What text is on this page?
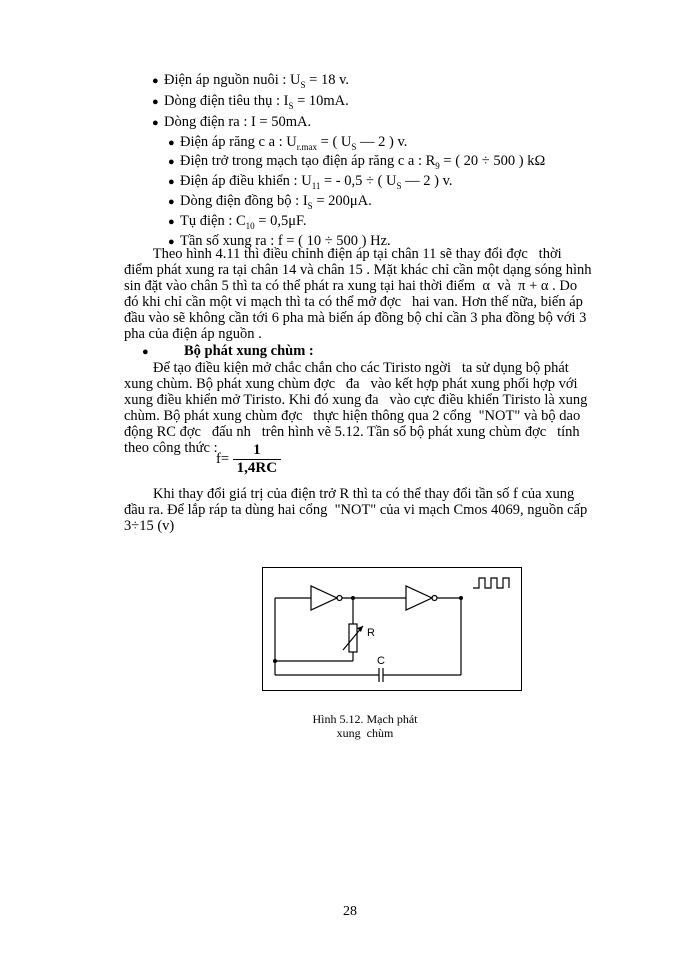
● Điện áp nguồn nuôi : $U_S = 18$ v.
● Dòng điện tiêu thụ : $I_S = 10mA$.
● Dòng điện ra : I = 50mA.
● Điện áp răng c a : $U_{r.max}$ = ( $U_S$ — 2 ) v.
● Điện trở trong mạch tạo điện áp răng c a : $R_9$ = ( 20 ÷ 500 ) kΩ
● Điện áp điều khiển : $U_{11}$ = - 0,5 ÷ ( $U_S$ — 2 ) v.
● Dòng điện đồng bộ : $I_S = 200\mu A$.
● Tụ điện : $C_{10} = 0,5\mu F$.
● Tần số xung ra : f = ( 10 ÷ 500 ) Hz.
Theo hình 4.11 thì điều chỉnh điện áp tại chân 11 sẽ thay đổi đợc   thời
điểm phát xung ra tại chân 14 và chân 15 . Mặt khác chỉ cần một dạng sóng hình
sin đặt vào chân 5 thì ta có thể phát ra xung tại hai thời điểm  α  và  π + α . Do
đó khi chỉ cần một vi mạch thì ta có thể mở đợc   hai van. Hơn thế nữa, biến áp
đầu vào sẽ không cần tới 6 pha mà biến áp đồng bộ chỉ cần 3 pha đồng bộ với 3
pha của điện áp nguồn .
● Bộ phát xung chùm :
Để tạo điều kiện mở chắc chắn cho các Tiristo ngời   ta sử dụng bộ phát
xung chùm. Bộ phát xung chùm đợc   đa   vào kết hợp phát xung phối hợp với
xung điều khiển mở Tiristo. Khi đó xung đa   vào cực điều khiển Tiristo là xung
chùm. Bộ phát xung chùm đợc   thực hiện thông qua 2 cổng  "NOT" và bộ dao
động RC đợc   đấu nh   trên hình vẽ 5.12. Tần số bộ phát xung chùm đợc   tính
theo công thức :
$f= \frac{1}{1,4RC}$
Khi thay đổi giá trị của điện trở R thì ta có thể thay đổi tần số f của xung
đầu ra. Để lắp ráp ta dùng hai cổng  "NOT" của vi mạch Cmos 4069, nguồn cấp
3÷15 (v)
R
C
Hình 5.12. Mạch phát
xung  chùm
28
